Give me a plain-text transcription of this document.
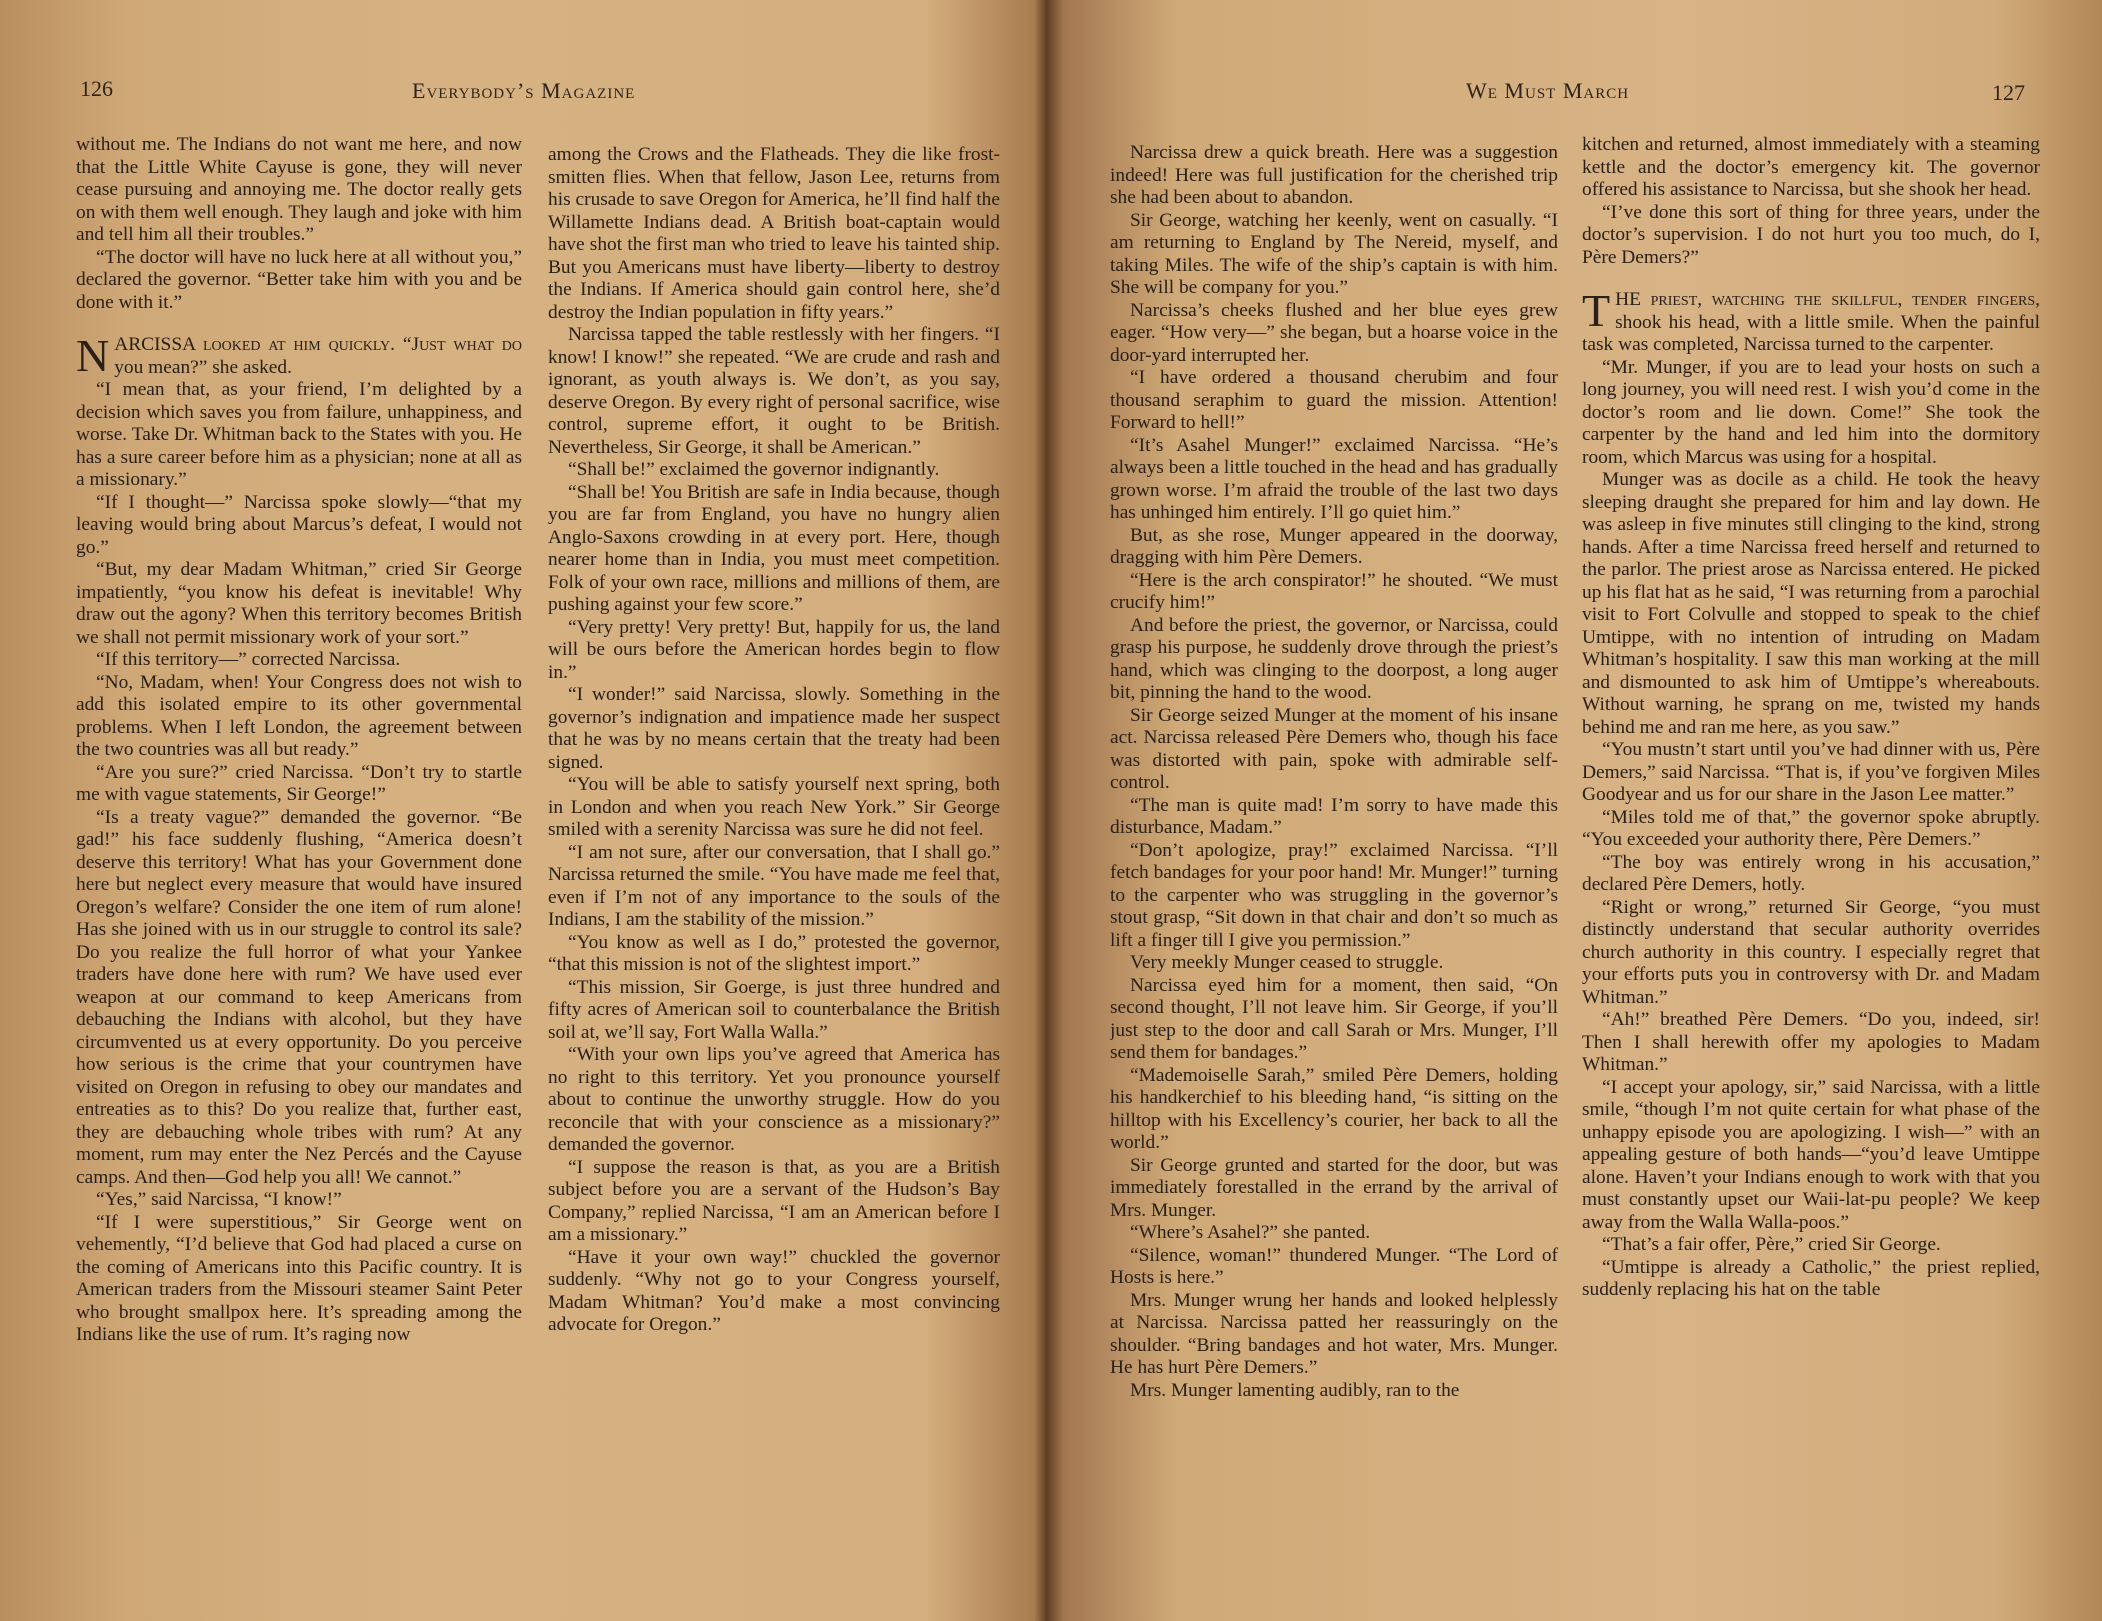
126	Everybody’s Magazine

without me. The Indians do not want me here, and now that the Little White Cayuse is gone, they will never cease pursuing and annoying me. The doctor really gets on with them well enough. They laugh and joke with him and tell him all their troubles.”

“The doctor will have no luck here at all without you,” declared the governor. “Better take him with you and be done with it.”

NARCISSA looked at him quickly. “Just what do you mean?” she asked.

“I mean that, as your friend, I’m delighted by a decision which saves you from failure, unhappiness, and worse. Take Dr. Whitman back to the States with you. He has a sure career before him as a physician; none at all as a missionary.”

“If I thought—” Narcissa spoke slowly—“that my leaving would bring about Marcus’s defeat, I would not go.”

“But, my dear Madam Whitman,” cried Sir George impatiently, “you know his defeat is inevitable! Why draw out the agony? When this territory becomes British we shall not permit missionary work of your sort.”

“If this territory—” corrected Narcissa.

“No, Madam, when! Your Congress does not wish to add this isolated empire to its other governmental problems. When I left London, the agreement between the two countries was all but ready.”

“Are you sure?” cried Narcissa. “Don’t try to startle me with vague statements, Sir George!”

“Is a treaty vague?” demanded the governor. “Be gad!” his face suddenly flushing, “America doesn’t deserve this territory! What has your Government done here but neglect every measure that would have insured Oregon’s welfare? Consider the one item of rum alone! Has she joined with us in our struggle to control its sale? Do you realize the full horror of what your Yankee traders have done here with rum? We have used ever weapon at our command to keep Americans from debauching the Indians with alcohol, but they have circumvented us at every opportunity. Do you perceive how serious is the crime that your countrymen have visited on Oregon in refusing to obey our mandates and entreaties as to this? Do you realize that, further east, they are debauching whole tribes with rum? At any moment, rum may enter the Nez Percés and the Cayuse camps. And then—God help you all! We cannot.”

“Yes,” said Narcissa, “I know!”

“If I were superstitious,” Sir George went on vehemently, “I’d believe that God had placed a curse on the coming of Americans into this Pacific country. It is American traders from the Missouri steamer Saint Peter who brought smallpox here. It’s spreading among the Indians like the use of rum. It’s raging now

among the Crows and the Flatheads. They die like frost-smitten flies. When that fellow, Jason Lee, returns from his crusade to save Oregon for America, he’ll find half the Willamette Indians dead. A British boat-captain would have shot the first man who tried to leave his tainted ship. But you Americans must have liberty—liberty to destroy the Indians. If America should gain control here, she’d destroy the Indian population in fifty years.”

Narcissa tapped the table restlessly with her fingers. “I know! I know!” she repeated. “We are crude and rash and ignorant, as youth always is. We don’t, as you say, deserve Oregon. By every right of personal sacrifice, wise control, supreme effort, it ought to be British. Nevertheless, Sir George, it shall be American.”

“Shall be!” exclaimed the governor indignantly.

“Shall be! You British are safe in India because, though you are far from England, you have no hungry alien Anglo-Saxons crowding in at every port. Here, though nearer home than in India, you must meet competition. Folk of your own race, millions and millions of them, are pushing against your few score.”

“Very pretty! Very pretty! But, happily for us, the land will be ours before the American hordes begin to flow in.”

“I wonder!” said Narcissa, slowly. Something in the governor’s indignation and impatience made her suspect that he was by no means certain that the treaty had been signed.

“You will be able to satisfy yourself next spring, both in London and when you reach New York.” Sir George smiled with a serenity Narcissa was sure he did not feel.

“I am not sure, after our conversation, that I shall go.” Narcissa returned the smile. “You have made me feel that, even if I’m not of any importance to the souls of the Indians, I am the stability of the mission.”

“You know as well as I do,” protested the governor, “that this mission is not of the slightest import.”

“This mission, Sir Goerge, is just three hundred and fifty acres of American soil to counterbalance the British soil at, we’ll say, Fort Walla Walla.”

“With your own lips you’ve agreed that America has no right to this territory. Yet you pronounce yourself about to continue the unworthy struggle. How do you reconcile that with your conscience as a missionary?” demanded the governor.

“I suppose the reason is that, as you are a British subject before you are a servant of the Hudson’s Bay Company,” replied Narcissa, “I am an American before I am a missionary.”

“Have it your own way!” chuckled the governor suddenly. “Why not go to your Congress yourself, Madam Whitman? You’d make a most convincing advocate for Oregon.”

We Must March	127

Narcissa drew a quick breath. Here was a suggestion indeed! Here was full justification for the cherished trip she had been about to abandon.

Sir George, watching her keenly, went on casually. “I am returning to England by The Nereid, myself, and taking Miles. The wife of the ship’s captain is with him. She will be company for you.”

Narcissa’s cheeks flushed and her blue eyes grew eager. “How very—” she began, but a hoarse voice in the door-yard interrupted her.

“I have ordered a thousand cherubim and four thousand seraphim to guard the mission. Attention! Forward to hell!”

“It’s Asahel Munger!” exclaimed Narcissa. “He’s always been a little touched in the head and has gradually grown worse. I’m afraid the trouble of the last two days has unhinged him entirely. I’ll go quiet him.”

But, as she rose, Munger appeared in the doorway, dragging with him Père Demers.

“Here is the arch conspirator!” he shouted. “We must crucify him!”

And before the priest, the governor, or Narcissa, could grasp his purpose, he suddenly drove through the priest’s hand, which was clinging to the doorpost, a long auger bit, pinning the hand to the wood.

Sir George seized Munger at the moment of his insane act. Narcissa released Père Demers who, though his face was distorted with pain, spoke with admirable self-control.

“The man is quite mad! I’m sorry to have made this disturbance, Madam.”

“Don’t apologize, pray!” exclaimed Narcissa. “I’ll fetch bandages for your poor hand! Mr. Munger!” turning to the carpenter who was struggling in the governor’s stout grasp, “Sit down in that chair and don’t so much as lift a finger till I give you permission.”

Very meekly Munger ceased to struggle.

Narcissa eyed him for a moment, then said, “On second thought, I’ll not leave him. Sir George, if you’ll just step to the door and call Sarah or Mrs. Munger, I’ll send them for bandages.”

“Mademoiselle Sarah,” smiled Père Demers, holding his handkerchief to his bleeding hand, “is sitting on the hilltop with his Excellency’s courier, her back to all the world.”

Sir George grunted and started for the door, but was immediately forestalled in the errand by the arrival of Mrs. Munger.

“Where’s Asahel?” she panted.

“Silence, woman!” thundered Munger. “The Lord of Hosts is here.”

Mrs. Munger wrung her hands and looked helplessly at Narcissa. Narcissa patted her reassuringly on the shoulder. “Bring bandages and hot water, Mrs. Munger. He has hurt Père Demers.”

Mrs. Munger lamenting audibly, ran to the

kitchen and returned, almost immediately with a steaming kettle and the doctor’s emergency kit. The governor offered his assistance to Narcissa, but she shook her head.

“I’ve done this sort of thing for three years, under the doctor’s supervision. I do not hurt you too much, do I, Père Demers?”

THE priest, watching the skillful, tender fingers, shook his head, with a little smile. When the painful task was completed, Narcissa turned to the carpenter.

“Mr. Munger, if you are to lead your hosts on such a long journey, you will need rest. I wish you’d come in the doctor’s room and lie down. Come!” She took the carpenter by the hand and led him into the dormitory room, which Marcus was using for a hospital.

Munger was as docile as a child. He took the heavy sleeping draught she prepared for him and lay down. He was asleep in five minutes still clinging to the kind, strong hands. After a time Narcissa freed herself and returned to the parlor. The priest arose as Narcissa entered. He picked up his flat hat as he said, “I was returning from a parochial visit to Fort Colvulle and stopped to speak to the chief Umtippe, with no intention of intruding on Madam Whitman’s hospitality. I saw this man working at the mill and dismounted to ask him of Umtippe’s whereabouts. Without warning, he sprang on me, twisted my hands behind me and ran me here, as you saw.”

“You mustn’t start until you’ve had dinner with us, Père Demers,” said Narcissa. “That is, if you’ve forgiven Miles Goodyear and us for our share in the Jason Lee matter.”

“Miles told me of that,” the governor spoke abruptly. “You exceeded your authority there, Père Demers.”

“The boy was entirely wrong in his accusation,” declared Père Demers, hotly.

“Right or wrong,” returned Sir George, “you must distinctly understand that secular authority overrides church authority in this country. I especially regret that your efforts puts you in controversy with Dr. and Madam Whitman.”

“Ah!” breathed Père Demers. “Do you, indeed, sir! Then I shall herewith offer my apologies to Madam Whitman.”

“I accept your apology, sir,” said Narcissa, with a little smile, “though I’m not quite certain for what phase of the unhappy episode you are apologizing. I wish—” with an appealing gesture of both hands—“you’d leave Umtippe alone. Haven’t your Indians enough to work with that you must constantly upset our Waii-lat-pu people? We keep away from the Walla Walla-poos.”

“That’s a fair offer, Père,” cried Sir George.

“Umtippe is already a Catholic,” the priest replied, suddenly replacing his hat on the table
